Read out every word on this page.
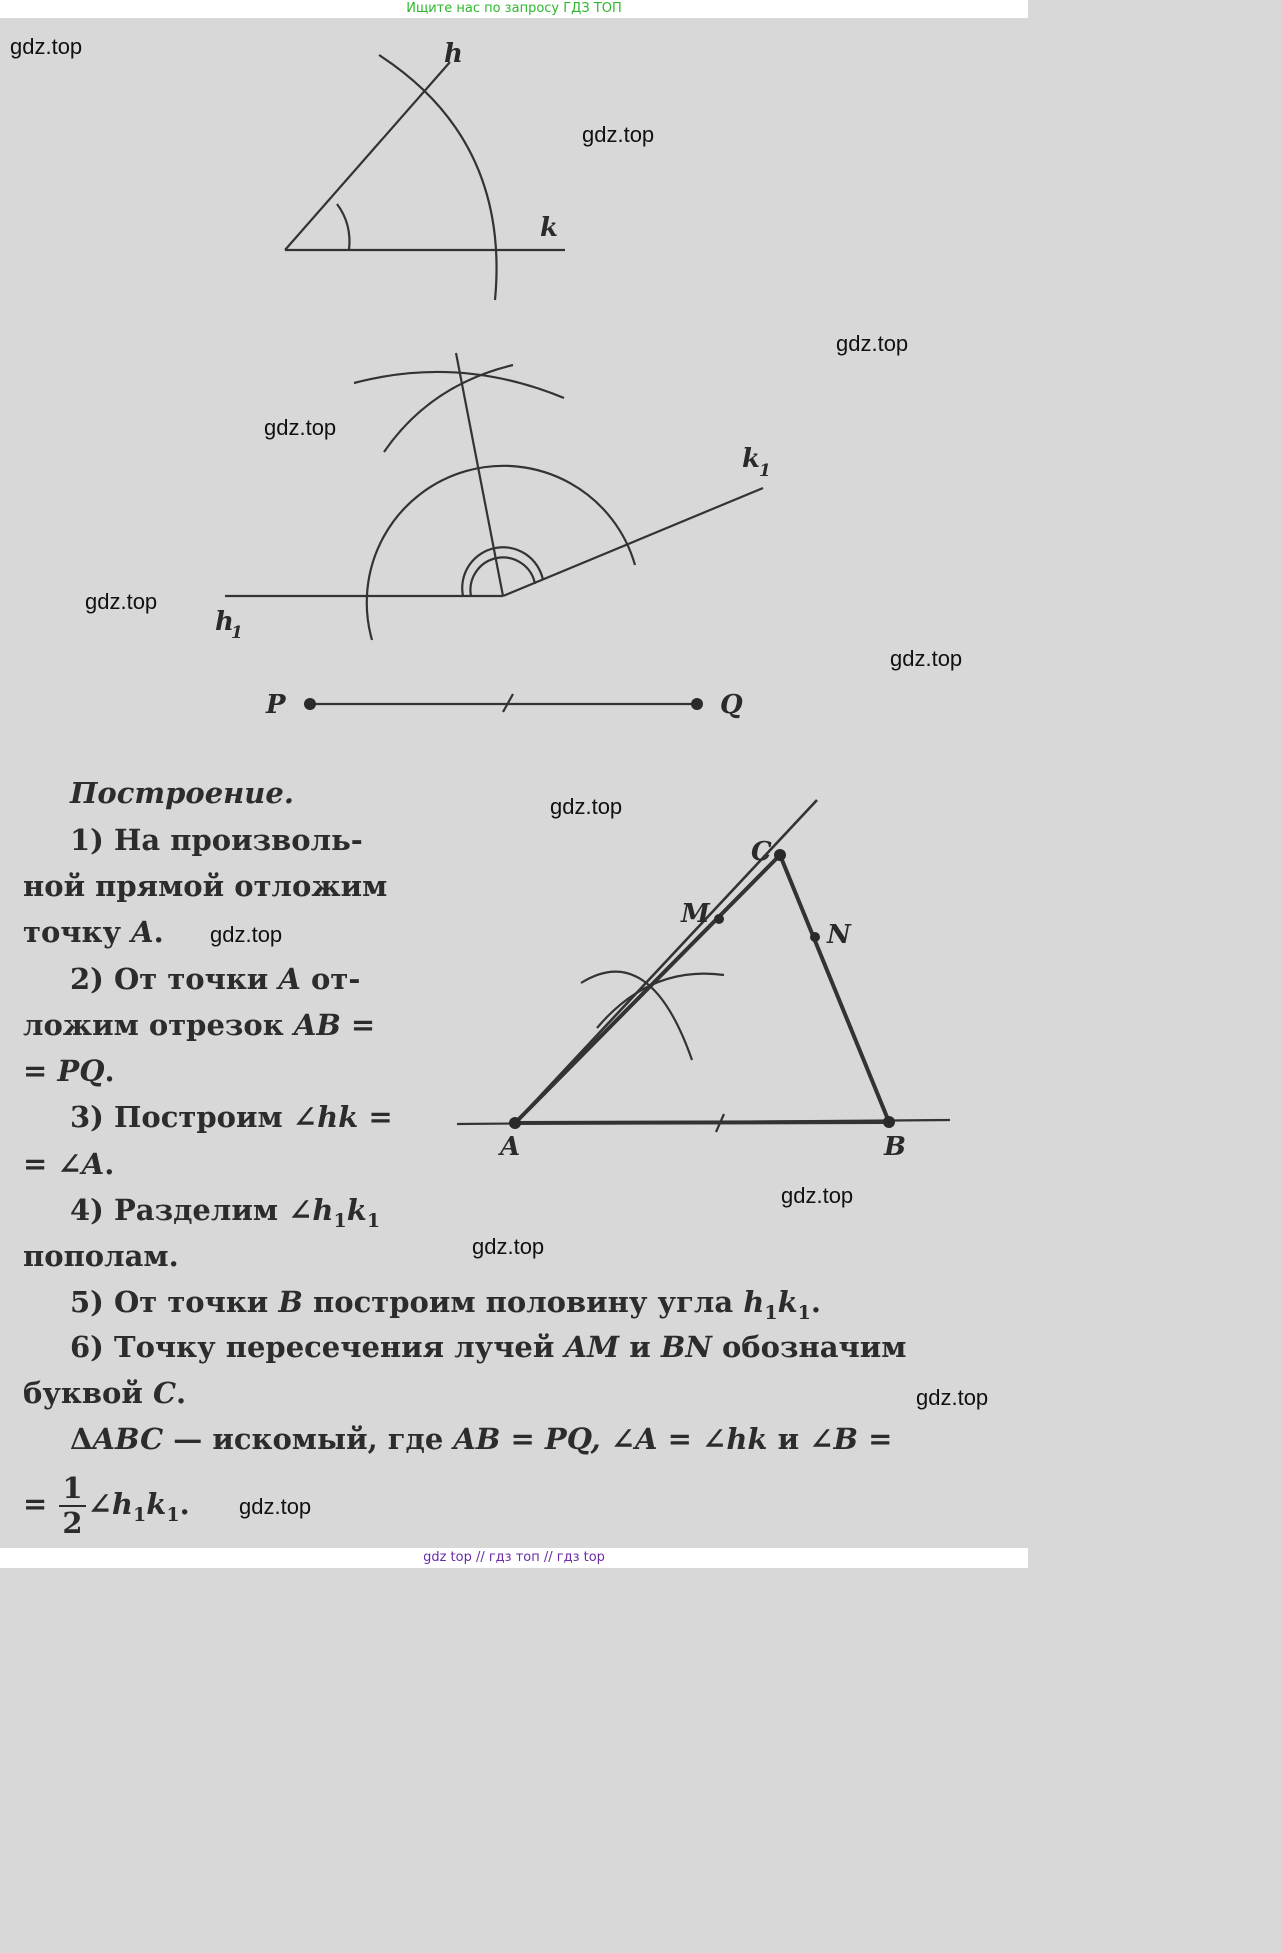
Ищите нас по запросу ГДЗ ТОП
gdz.top
gdz.top
gdz.top
gdz.top
gdz.top
gdz.top
gdz.top
gdz.top
gdz.top
gdz.top
gdz.top
gdz.top
h
k
k
1
h
1
P	Q
A	B
C
M
N
Построение.
1) На произволь-
ной прямой отложим
точку A.
2) От точки A от-
ложим отрезок AB =
= PQ.
3) Построим ∠hk =
= ∠A.
4) Разделим $\angle h_1k_1$
пополам.
5) От точки B построим половину угла $h_1k_1$.
6) Точку пересечения лучей AM и BN обозначим
буквой C.
ΔABC — искомый, где AB = PQ, ∠A = ∠hk и ∠B =
= $\frac{1}{2}$ $\angle h_1k_1$.
gdz top // гдз топ // гдз top
